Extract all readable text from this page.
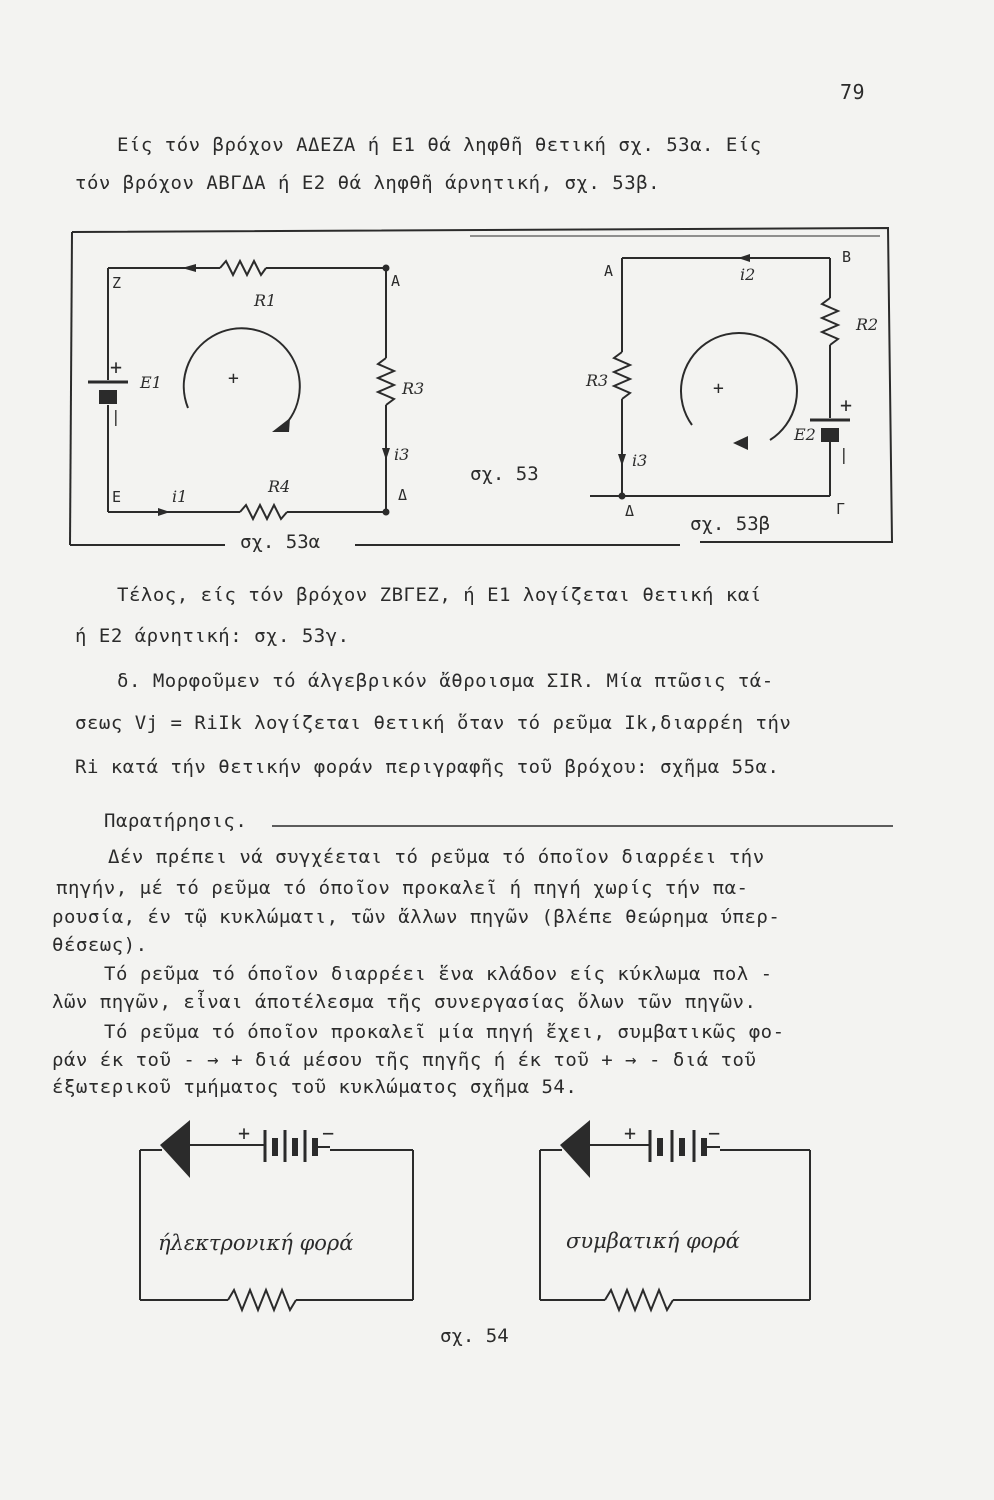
79
Είς τόν βρόχον ΑΔΕΖΑ ή Ε1 θά ληφθῆ θετική σχ. 53α. Είς
τόν βρόχον ΑΒΓΔΑ ή Ε2 θά ληφθῆ άρνητική, σχ. 53β.
Z	A
E	Δ
R1
R3
R4
E1
i1
i3
+
|
+
A
B
Γ
Δ
R2
R3
E2
i2
i3
+
|
+
σχ. 53
σχ. 53α
σχ. 53β
+	−	+	−
ήλεκτρονική φορά	συμβατική φορά
σχ. 54
Τέλος, είς τόν βρόχον ΖΒΓΕΖ, ή Ε1 λογίζεται θετική καί
ή Ε2 άρνητική: σχ. 53γ.
δ. Μορφοῦμεν τό άλγεβρικόν ἄθροισμα ΣIR. Μία πτῶσις τά-
σεως Vj = RiIk λογίζεται θετική ὅταν τό ρεῦμα Ik,διαρρέη τήν
Ri κατά τήν θετικήν φοράν περιγραφῆς τοῦ βρόχου: σχῆμα 55α.
Παρατήρησις.
Δέν πρέπει νά συγχέεται τό ρεῦμα τό όποῖον διαρρέει τήν
πηγήν, μέ τό ρεῦμα τό όποῖον προκαλεῖ ή πηγή χωρίς τήν πα-
ρουσία, έν τῷ κυκλώματι, τῶν ἄλλων πηγῶν (βλέπε θεώρημα ύπερ-
θέσεως).
Τό ρεῦμα τό όποῖον διαρρέει ἕνα κλάδον είς κύκλωμα πολ -
λῶν πηγῶν, εἶναι άποτέλεσμα τῆς συνεργασίας ὅλων τῶν πηγῶν.
Τό ρεῦμα τό όποῖον προκαλεῖ μία πηγή ἔχει, συμβατικῶς φο-
ράν έκ τοῦ - → + διά μέσου τῆς πηγῆς ή έκ τοῦ + → - διά τοῦ
έξωτερικοῦ τμήματος τοῦ κυκλώματος σχῆμα 54.
